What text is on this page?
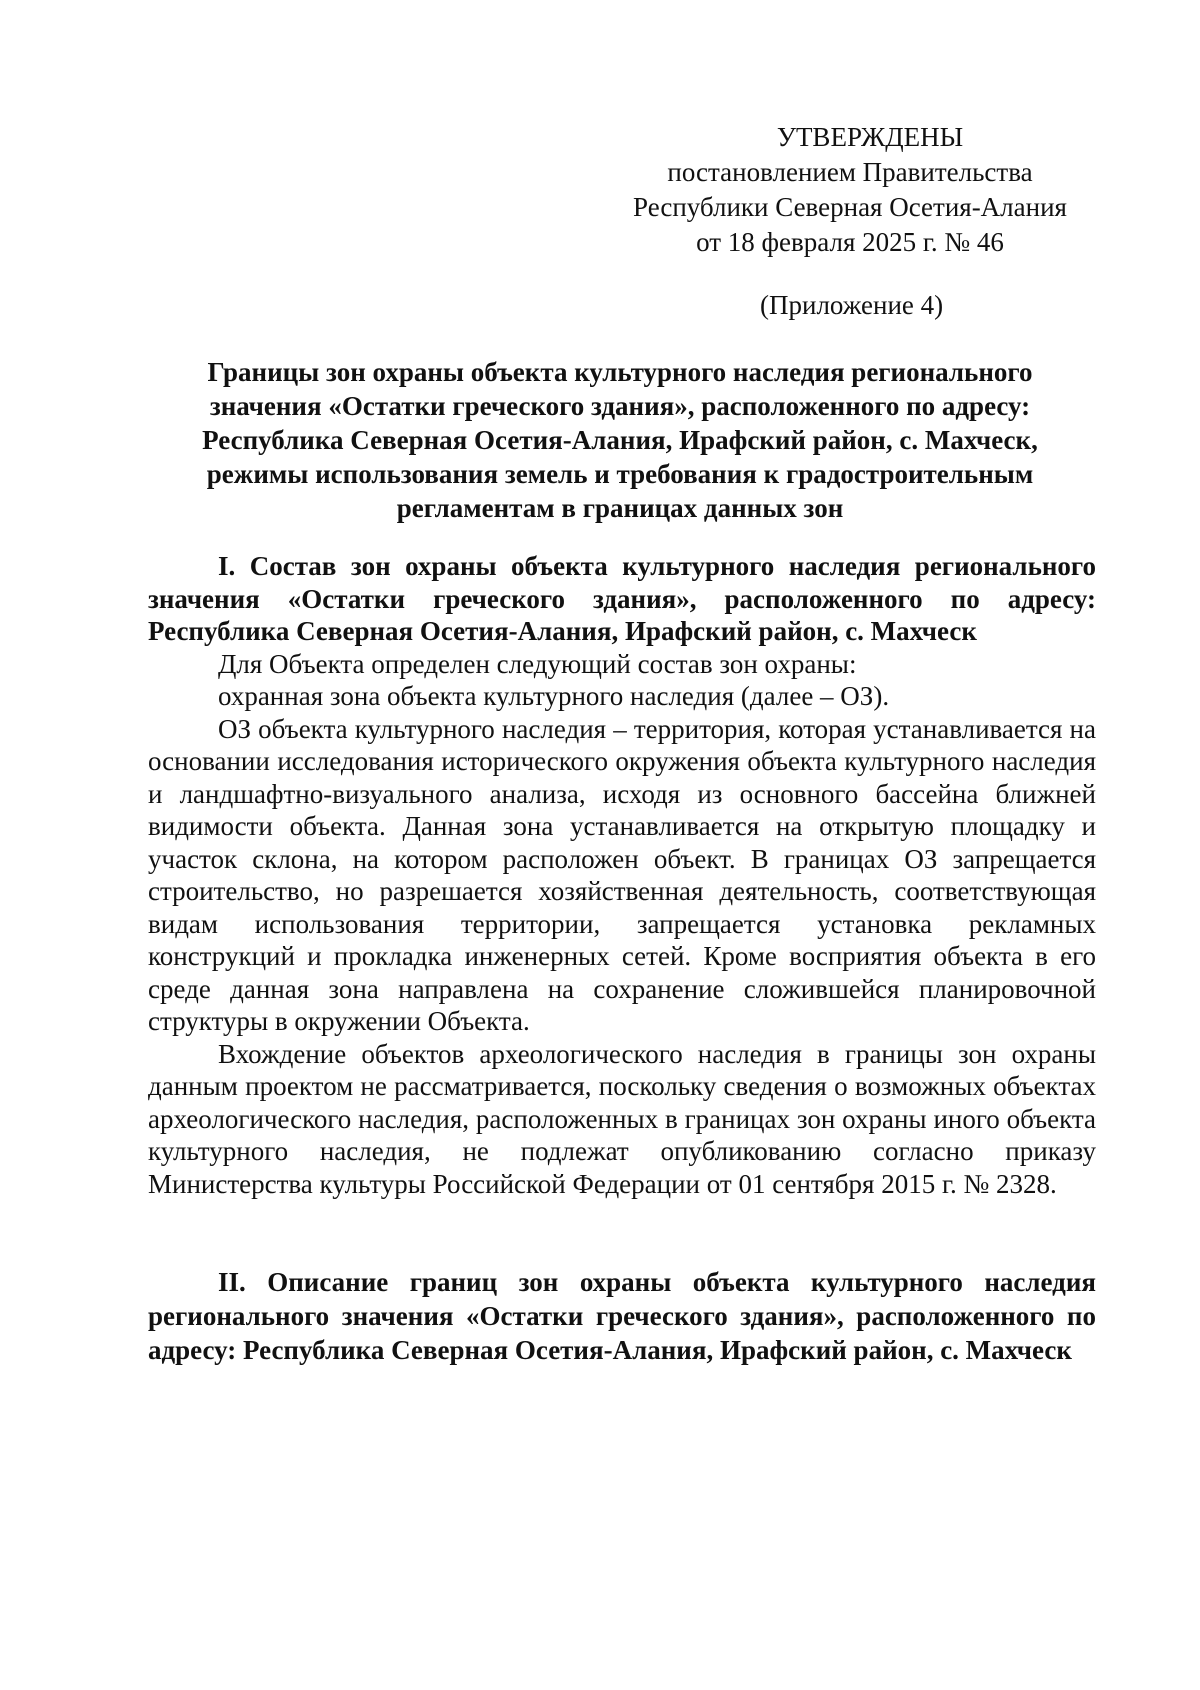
УТВЕРЖДЕНЫ
постановлением Правительства
Республики Северная Осетия-Алания
от 18 февраля 2025 г. № 46
(Приложение 4)
Границы зон охраны объекта культурного наследия регионального
значения «Остатки греческого здания», расположенного по адресу:
Республика Северная Осетия-Алания, Ирафский район, с. Махческ,
режимы использования земель и требования к градостроительным
регламентам в границах данных зон

I. Состав зон охраны объекта культурного наследия регионального значения «Остатки греческого здания», расположенного по адресу: Республика Северная Осетия-Алания, Ирафский район, с. Махческ

Для Объекта определен следующий состав зон охраны:

охранная зона объекта культурного наследия (далее – ОЗ).

ОЗ объекта культурного наследия – территория, которая устанавливается на основании исследования исторического окружения объекта культурного наследия и ландшафтно-визуального анализа, исходя из основного бассейна ближней видимости объекта. Данная зона устанавливается на открытую площадку и участок склона, на котором расположен объект. В границах ОЗ запрещается строительство, но разрешается хозяйственная деятельность, соответствующая видам использования территории, запрещается установка рекламных конструкций и прокладка инженерных сетей. Кроме восприятия объекта в его среде данная зона направлена на сохранение сложившейся планировочной структуры в окружении Объекта.

Вхождение объектов археологического наследия в границы зон охраны данным проектом не рассматривается, поскольку сведения о возможных объектах археологического наследия, расположенных в границах зон охраны иного объекта культурного наследия, не подлежат опубликованию согласно приказу Министерства культуры Российской Федерации от 01 сентября 2015 г. № 2328.

II. Описание границ зон охраны объекта культурного наследия регионального значения «Остатки греческого здания», расположенного по адресу: Республика Северная Осетия-Алания, Ирафский район, с. Махческ
